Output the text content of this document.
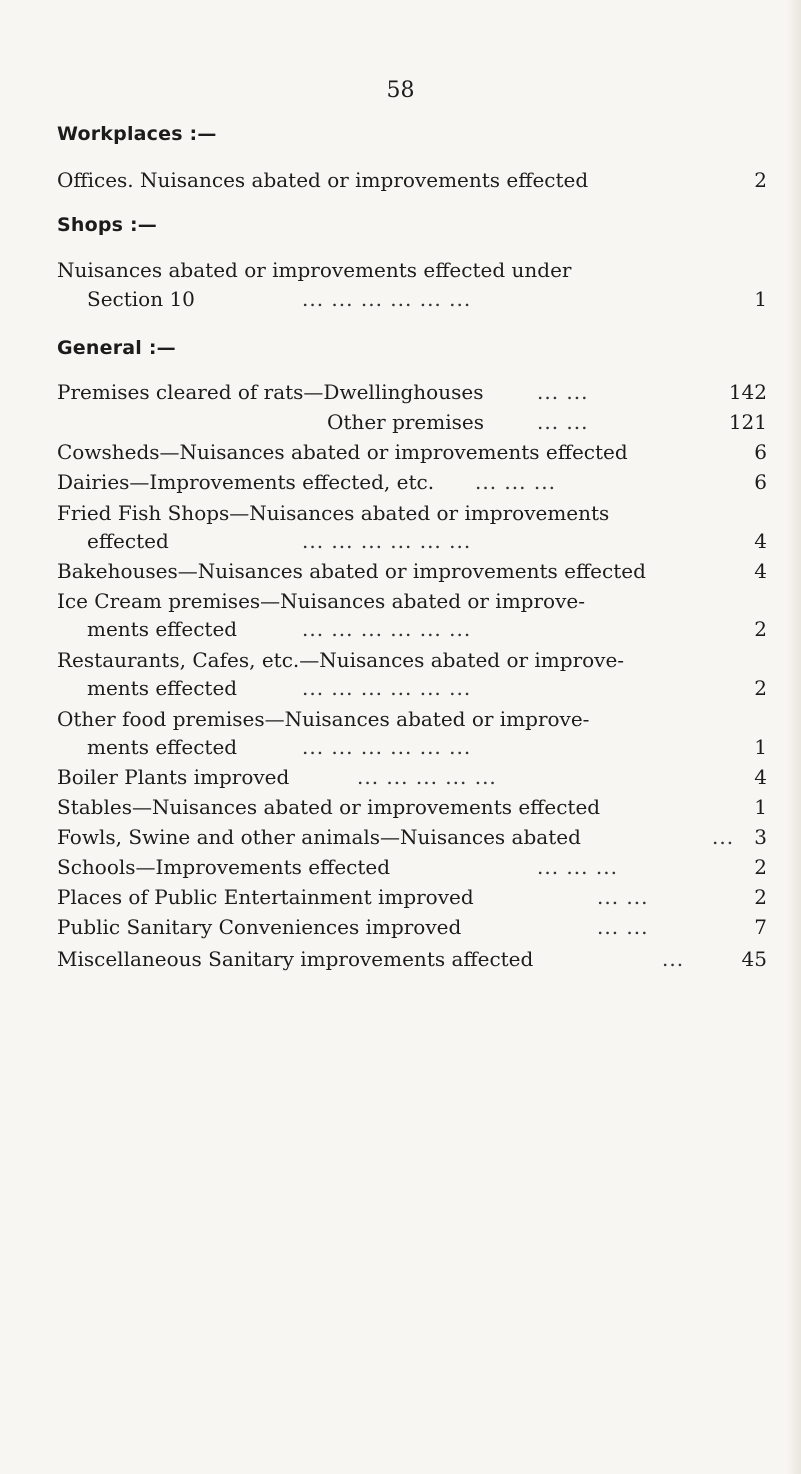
58
Workplaces :—
Offices. Nuisances abated or improvements effected	2
Shops :—
Nuisances abated or improvements effected under
Section 10	... ... ... ... ... ...	1
General :—
Premises cleared of rats—Dwellinghouses	... ...	142
Other premises	... ...	121
Cowsheds—Nuisances abated or improvements effected	6
Dairies—Improvements effected, etc. ... ... ...	6
Fried Fish Shops—Nuisances abated or improvements
effected	... ... ... ... ... ...	4
Bakehouses—Nuisances abated or improvements effected	4
Ice Cream premises—Nuisances abated or improve-
ments effected	... ... ... ... ... ...	2
Restaurants, Cafes, etc.—Nuisances abated or improve-
ments effected	... ... ... ... ... ...	2
Other food premises—Nuisances abated or improve-
ments effected	... ... ... ... ... ...	1
Boiler Plants improved	... ... ... ... ...	4
Stables—Nuisances abated or improvements effected	1
Fowls, Swine and other animals—Nuisances abated	... 3
Schools—Improvements effected	... ... ...	2
Places of Public Entertainment improved	... ...	2
Public Sanitary Conveniences improved	... ...	7
Miscellaneous Sanitary improvements affected	...	45
